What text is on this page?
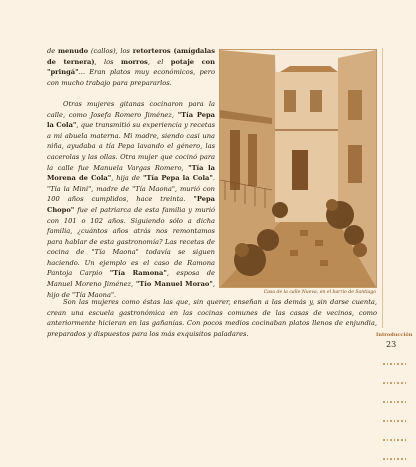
de menudo (callos), los retorteros (amígdalas de ternera), los morros, el potaje con "pringá"... Eran platos muy económicos, pero con mucho trabajo para prepararlos.

Otras mujeres gitanas cocinaron para la calle, como Josefa Romero Jiménez, "Tía Pepa la Cola", que transmitió su experiencia y recetas a mi abuela materna. Mi madre, siendo casi una niña, ayudaba a tía Pepa lavando el género, las cacerolas y las ollas. Otra mujer que cocinó para la calle fue Manuela Vargas Romero, "Tía la Morena de Cola", hija de "Tía Pepa la Cola". "Tía la Mini", madre de "Tía Maona", murió con 100 años cumplidos, hace treinta. "Pepa Chopo" fue el patriarca de esta familia y murió con 101 o 102 años. Siguiendo sólo a dicha familia, ¿cuántos años atrás nos remontamos para hablar de esta gastronomía? Las recetas de cocina de "Tía Maona" todavía se siguen haciendo. Un ejemplo es el caso de Ramona Pantoja Carpio "Tía Ramona", esposa de Manuel Moreno Jiménez, "Tío Manuel Morao", hijo de "Tía Maona".	Casa de la calle Nueva, en el barrio de Santiago

Son las mujeres como éstas las que, sin querer, enseñan a las demás y, sin darse cuenta, crean una escuela gastronómica en las cocinas comunes de las casas de vecinos, como anteriormente hicieran en las gañanías. Con pocos medios cocinaban platos llenos de enjundia, preparados y dispuestos para los más exquisitos paladares.	Introducción
23
